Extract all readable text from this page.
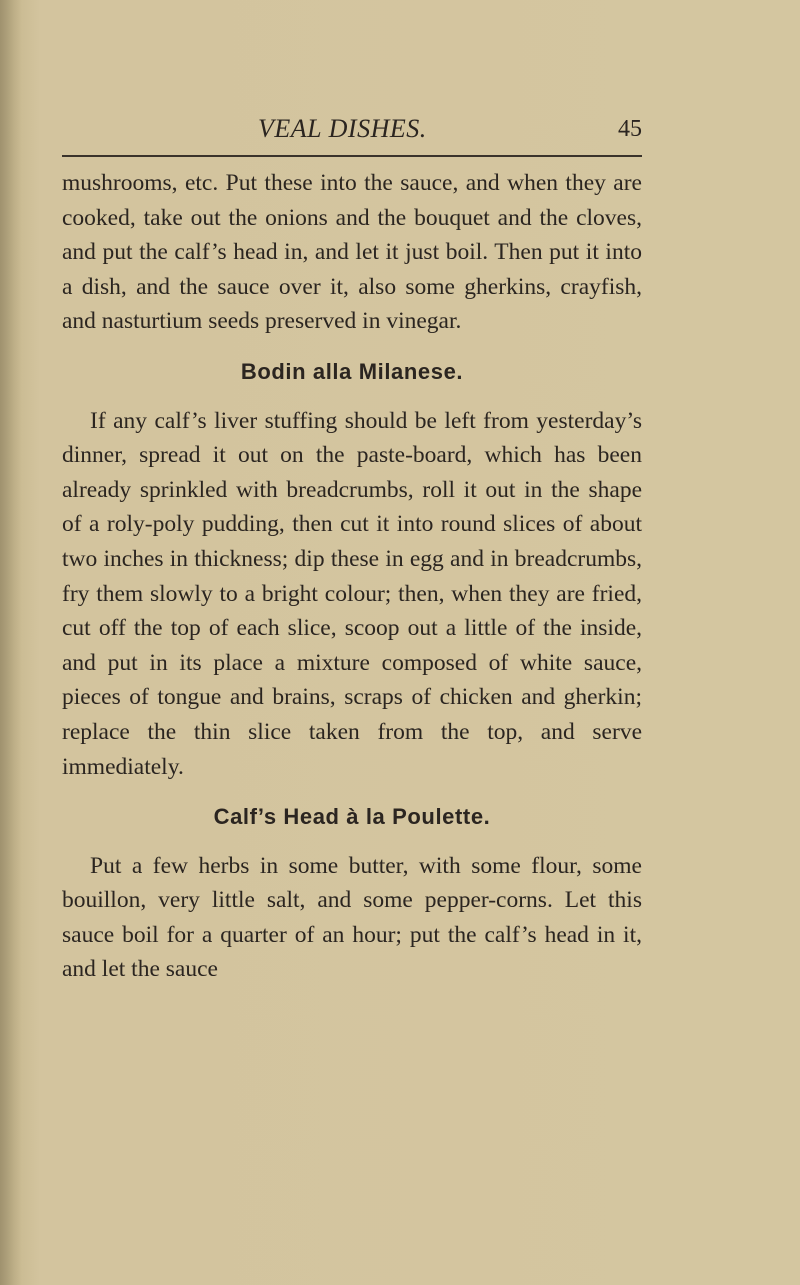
VEAL DISHES.	45

mushrooms, etc. Put these into the sauce, and when they are cooked, take out the onions and the bouquet and the cloves, and put the calf’s head in, and let it just boil. Then put it into a dish, and the sauce over it, also some gherkins, crayfish, and nasturtium seeds preserved in vinegar.

Bodin alla Milanese.

If any calf’s liver stuffing should be left from yesterday’s dinner, spread it out on the paste-board, which has been already sprinkled with breadcrumbs, roll it out in the shape of a roly-poly pudding, then cut it into round slices of about two inches in thickness; dip these in egg and in breadcrumbs, fry them slowly to a bright colour; then, when they are fried, cut off the top of each slice, scoop out a little of the inside, and put in its place a mixture composed of white sauce, pieces of tongue and brains, scraps of chicken and gherkin; replace the thin slice taken from the top, and serve immediately.

Calf’s Head à la Poulette.

Put a few herbs in some butter, with some flour, some bouillon, very little salt, and some pepper-corns. Let this sauce boil for a quarter of an hour; put the calf’s head in it, and let the sauce
